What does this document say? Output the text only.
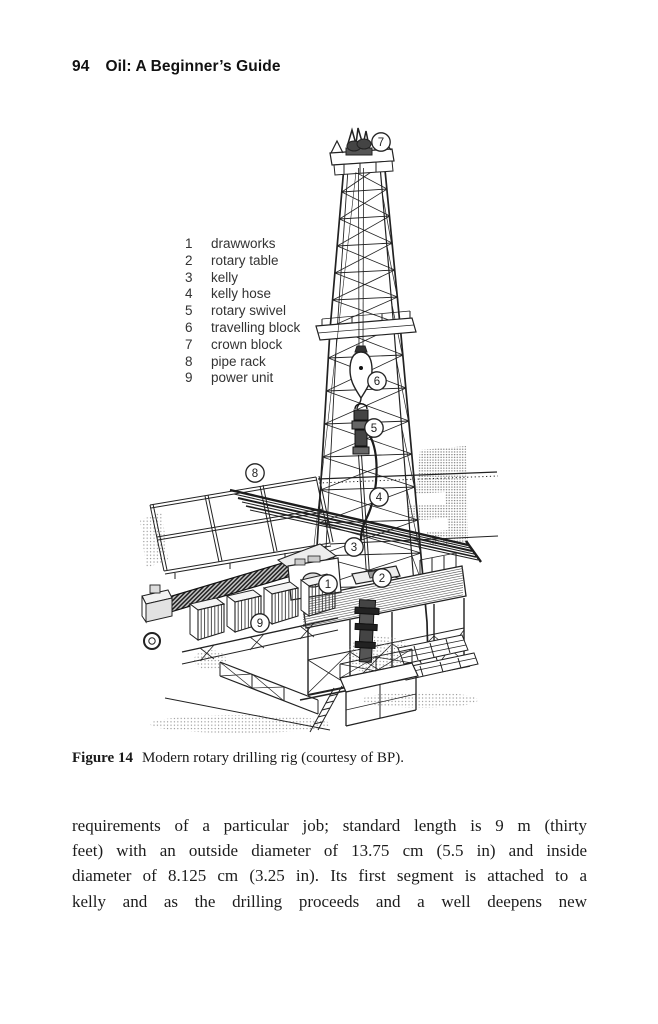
94 Oil: A Beginner’s Guide
1	2
3
4
5
6
7
8
9
1	drawworks
2	rotary table
3	kelly
4	kelly hose
5	rotary swivel
6	travelling block
7	crown block
8	pipe rack
9	power unit
Figure 14 Modern rotary drilling rig (courtesy of BP).
requirements of a particular job; standard length is 9 m (thirty
feet) with an outside diameter of 13.75 cm (5.5 in) and inside
diameter of 8.125 cm (3.25 in). Its first segment is attached to a
kelly and as the drilling proceeds and a well deepens new
